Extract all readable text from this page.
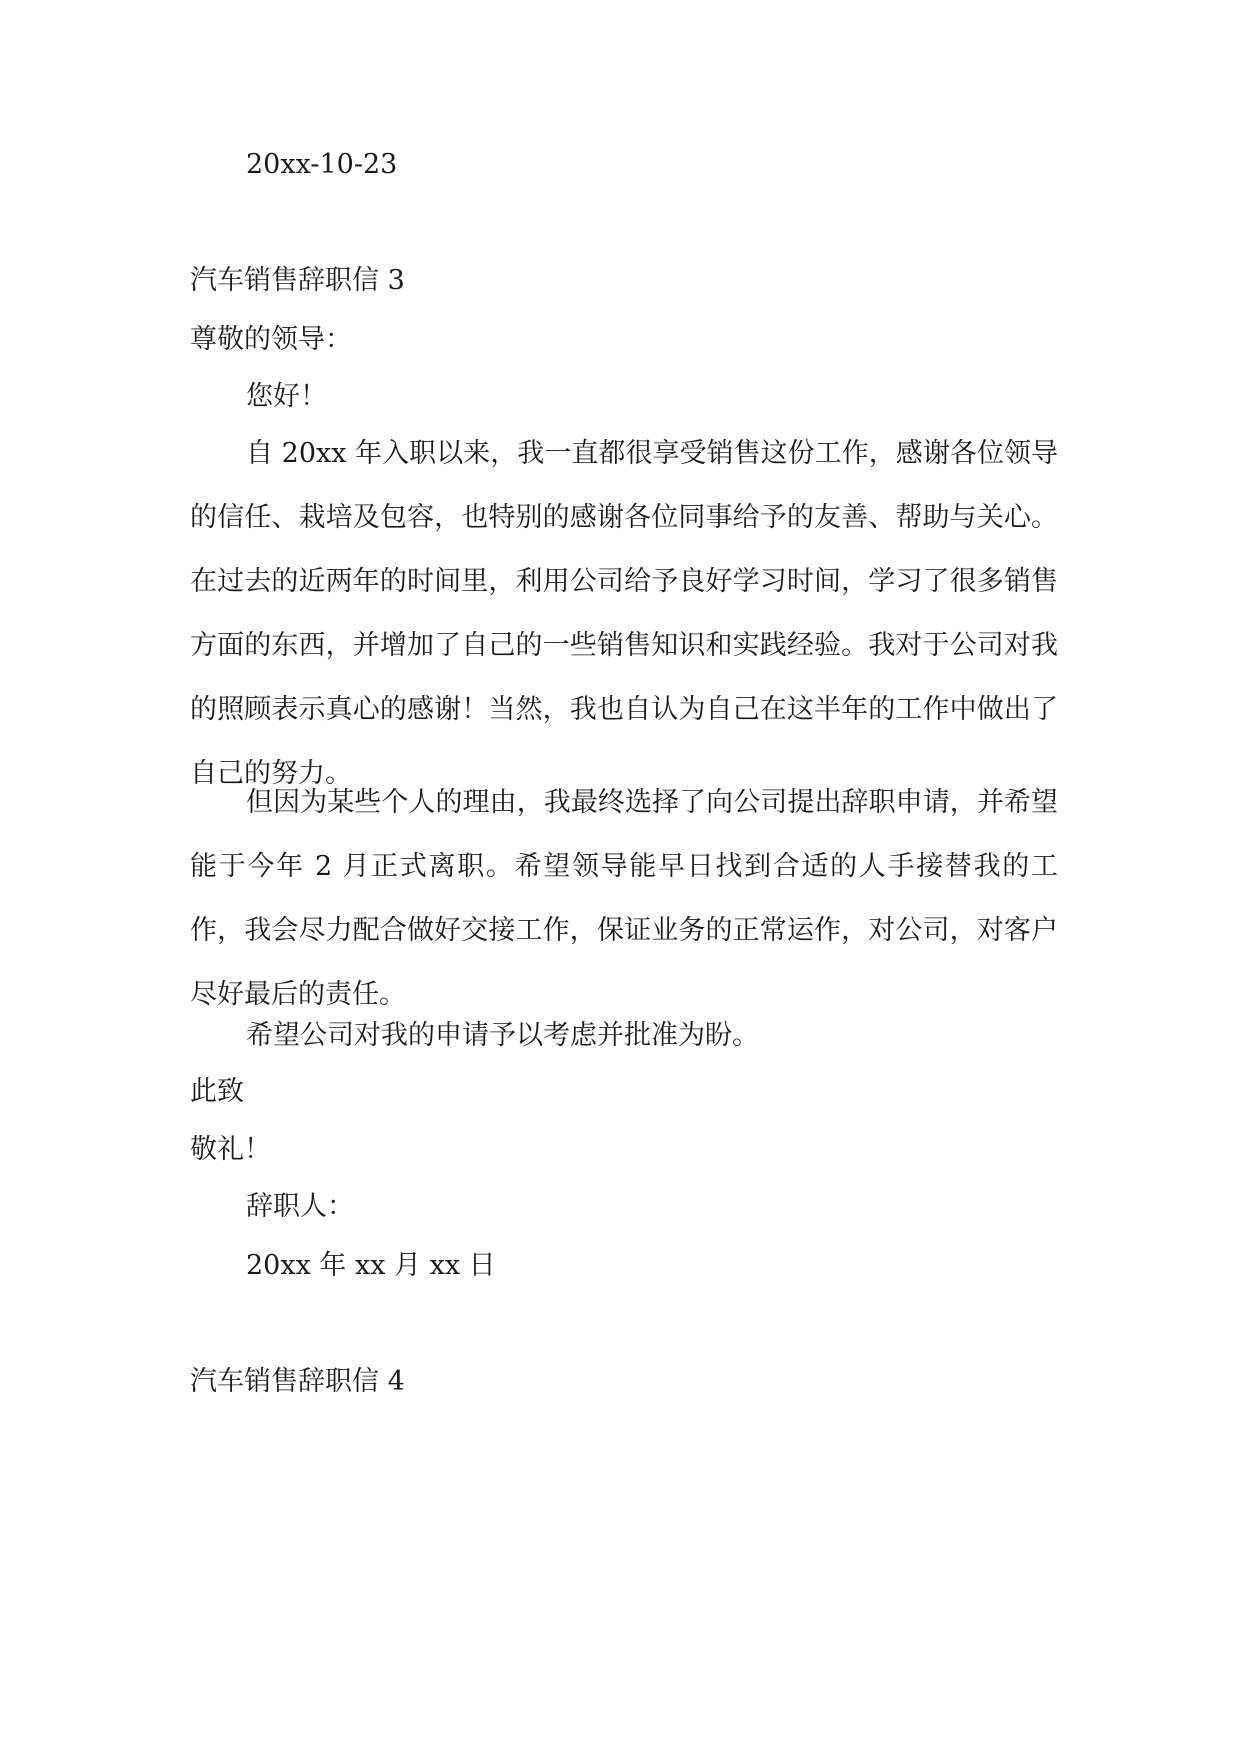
20xx-10-23
汽车销售辞职信 3
尊敬的领导：
您好！
自 20xx 年入职以来，我一直都很享受销售这份工作，感谢各位领导的信任、栽培及包容，也特别的感谢各位同事给予的友善、帮助与关心。在过去的近两年的时间里，利用公司给予良好学习时间，学习了很多销售方面的东西，并增加了自己的一些销售知识和实践经验。我对于公司对我的照顾表示真心的感谢！当然，我也自认为自己在这半年的工作中做出了自己的努力。
但因为某些个人的理由，我最终选择了向公司提出辞职申请，并希望能于今年 2 月正式离职。希望领导能早日找到合适的人手接替我的工作，我会尽力配合做好交接工作，保证业务的正常运作，对公司，对客户尽好最后的责任。
希望公司对我的申请予以考虑并批准为盼。
此致
敬礼！
辞职人：
20xx 年 xx 月 xx 日
汽车销售辞职信 4
